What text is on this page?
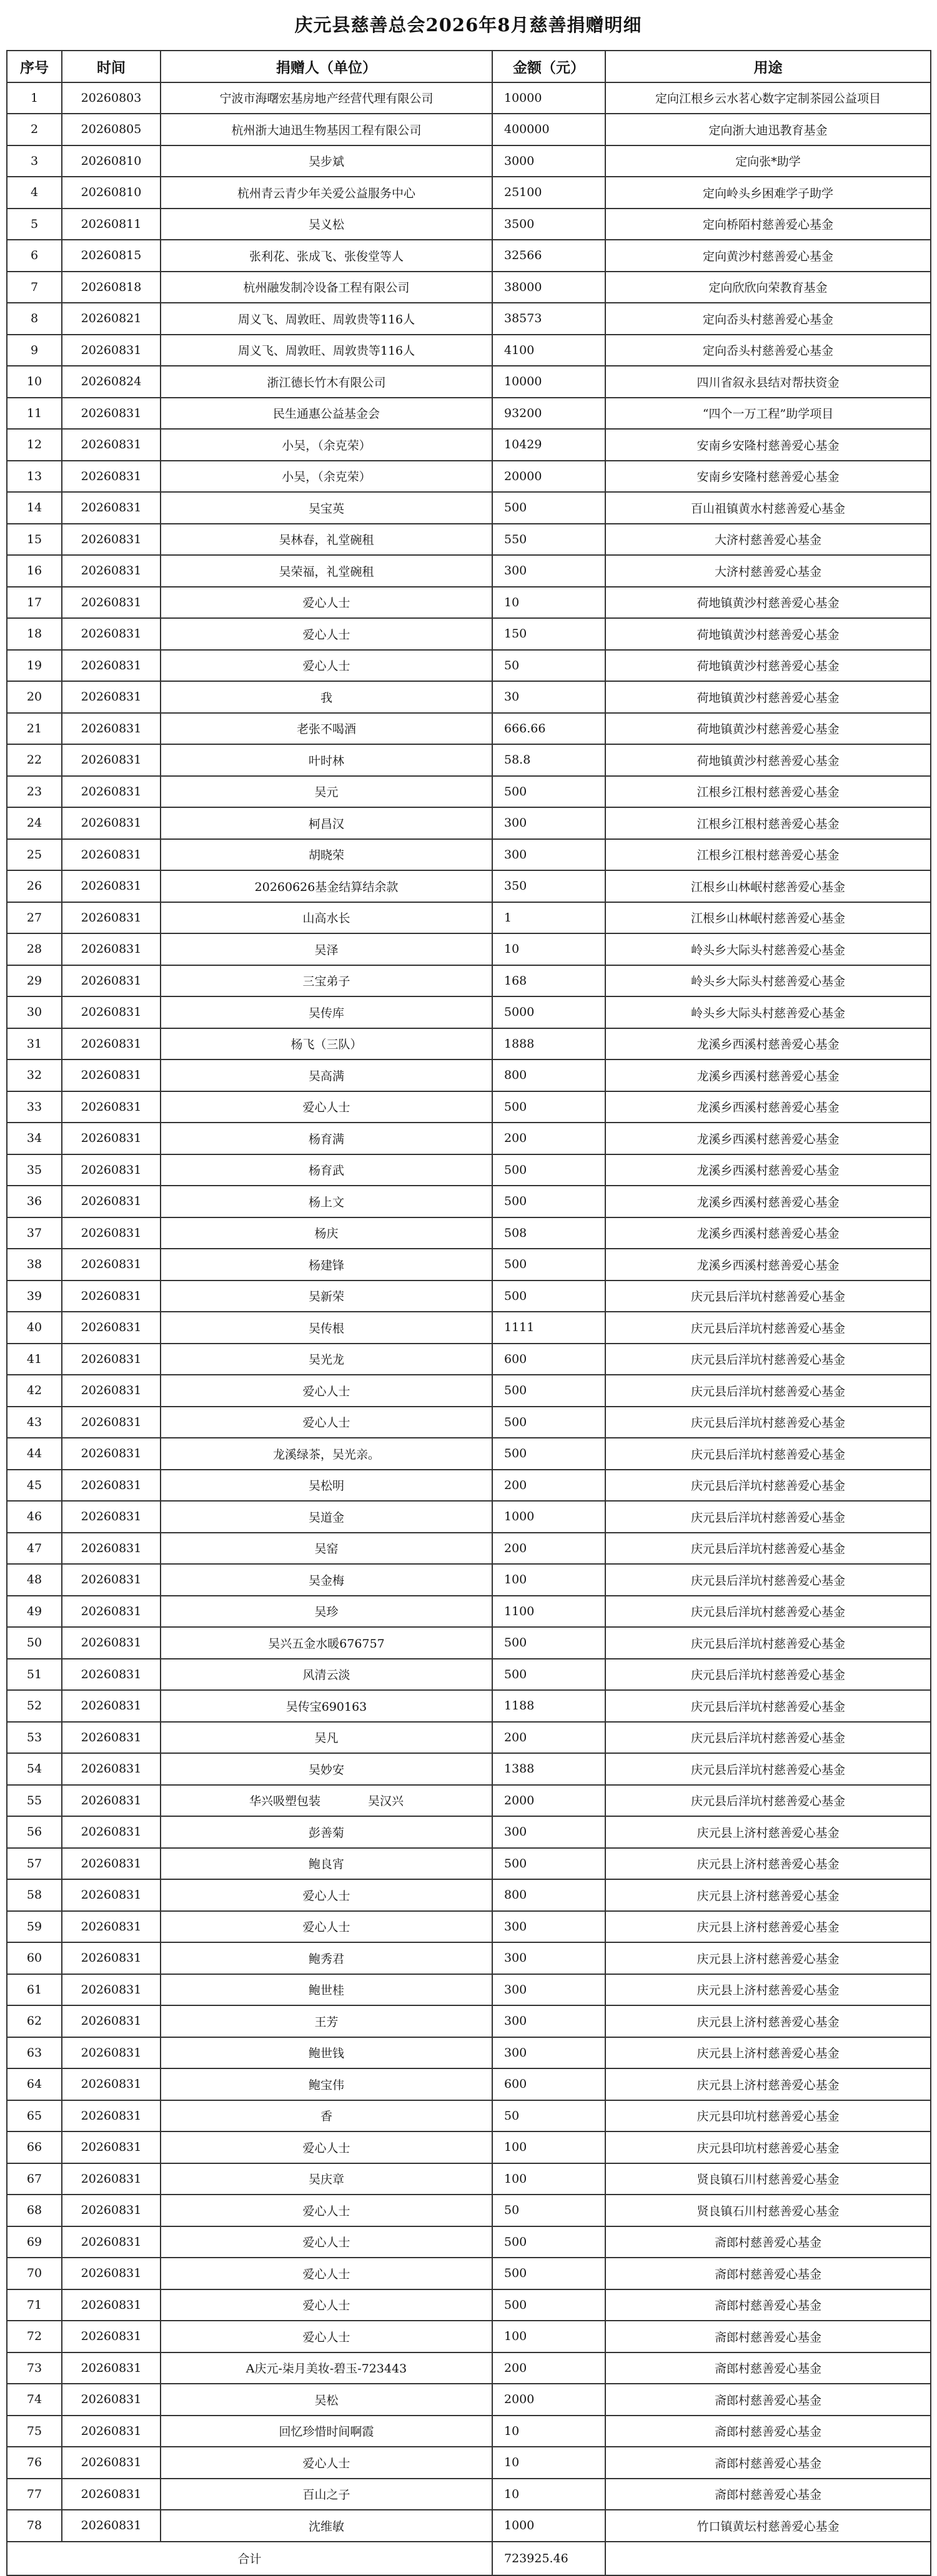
庆元县慈善总会2026年8月慈善捐赠明细
序号	时间	捐赠人（单位）	金额（元）	用途
1	20260803	宁波市海曙宏基房地产经营代理有限公司	10000	定向江根乡云水茗心数字定制茶园公益项目
2	20260805	杭州浙大迪迅生物基因工程有限公司	400000	定向浙大迪迅教育基金
3	20260810	吴步斌	3000	定向张*助学
4	20260810	杭州青云青少年关爱公益服务中心	25100	定向岭头乡困难学子助学
5	20260811	吴义松	3500	定向桥陌村慈善爱心基金
6	20260815	张利花、张成飞、张俊堂等人	32566	定向黄沙村慈善爱心基金
7	20260818	杭州融发制冷设备工程有限公司	38000	定向欣欣向荣教育基金
8	20260821	周义飞、周敦旺、周敦贵等116人	38573	定向岙头村慈善爱心基金
9	20260831	周义飞、周敦旺、周敦贵等116人	4100	定向岙头村慈善爱心基金
10	20260824	浙江德长竹木有限公司	10000	四川省叙永县结对帮扶资金
11	20260831	民生通惠公益基金会	93200	“四个一万工程”助学项目
12	20260831	小吴，（余克荣）	10429	安南乡安隆村慈善爱心基金
13	20260831	小吴，（余克荣）	20000	安南乡安隆村慈善爱心基金
14	20260831	吴宝英	500	百山祖镇黄水村慈善爱心基金
15	20260831	吴林春，礼堂碗租	550	大济村慈善爱心基金
16	20260831	吴荣福，礼堂碗租	300	大济村慈善爱心基金
17	20260831	爱心人士	10	荷地镇黄沙村慈善爱心基金
18	20260831	爱心人士	150	荷地镇黄沙村慈善爱心基金
19	20260831	爱心人士	50	荷地镇黄沙村慈善爱心基金
20	20260831	我	30	荷地镇黄沙村慈善爱心基金
21	20260831	老张不喝酒	666.66	荷地镇黄沙村慈善爱心基金
22	20260831	叶时林	58.8	荷地镇黄沙村慈善爱心基金
23	20260831	吴元	500	江根乡江根村慈善爱心基金
24	20260831	柯昌汉	300	江根乡江根村慈善爱心基金
25	20260831	胡晓荣	300	江根乡江根村慈善爱心基金
26	20260831	20260626基金结算结余款	350	江根乡山林岷村慈善爱心基金
27	20260831	山高水长	1	江根乡山林岷村慈善爱心基金
28	20260831	吴泽	10	岭头乡大际头村慈善爱心基金
29	20260831	三宝弟子	168	岭头乡大际头村慈善爱心基金
30	20260831	吴传库	5000	岭头乡大际头村慈善爱心基金
31	20260831	杨飞（三队）	1888	龙溪乡西溪村慈善爱心基金
32	20260831	吴高满	800	龙溪乡西溪村慈善爱心基金
33	20260831	爱心人士	500	龙溪乡西溪村慈善爱心基金
34	20260831	杨育满	200	龙溪乡西溪村慈善爱心基金
35	20260831	杨育武	500	龙溪乡西溪村慈善爱心基金
36	20260831	杨上文	500	龙溪乡西溪村慈善爱心基金
37	20260831	杨庆	508	龙溪乡西溪村慈善爱心基金
38	20260831	杨建锋	500	龙溪乡西溪村慈善爱心基金
39	20260831	吴新荣	500	庆元县后洋坑村慈善爱心基金
40	20260831	吴传根	1111	庆元县后洋坑村慈善爱心基金
41	20260831	吴光龙	600	庆元县后洋坑村慈善爱心基金
42	20260831	爱心人士	500	庆元县后洋坑村慈善爱心基金
43	20260831	爱心人士	500	庆元县后洋坑村慈善爱心基金
44	20260831	龙溪绿茶，吴光亲。	500	庆元县后洋坑村慈善爱心基金
45	20260831	吴松明	200	庆元县后洋坑村慈善爱心基金
46	20260831	吴道金	1000	庆元县后洋坑村慈善爱心基金
47	20260831	吴窑	200	庆元县后洋坑村慈善爱心基金
48	20260831	吴金梅	100	庆元县后洋坑村慈善爱心基金
49	20260831	吴珍	1100	庆元县后洋坑村慈善爱心基金
50	20260831	吴兴五金水暖676757	500	庆元县后洋坑村慈善爱心基金
51	20260831	风清云淡	500	庆元县后洋坑村慈善爱心基金
52	20260831	吴传宝690163	1188	庆元县后洋坑村慈善爱心基金
53	20260831	吴凡	200	庆元县后洋坑村慈善爱心基金
54	20260831	吴妙安	1388	庆元县后洋坑村慈善爱心基金
55	20260831	华兴吸塑包装　　　　吴汉兴	2000	庆元县后洋坑村慈善爱心基金
56	20260831	彭善菊	300	庆元县上济村慈善爱心基金
57	20260831	鲍良宵	500	庆元县上济村慈善爱心基金
58	20260831	爱心人士	800	庆元县上济村慈善爱心基金
59	20260831	爱心人士	300	庆元县上济村慈善爱心基金
60	20260831	鲍秀君	300	庆元县上济村慈善爱心基金
61	20260831	鲍世桂	300	庆元县上济村慈善爱心基金
62	20260831	王芳	300	庆元县上济村慈善爱心基金
63	20260831	鲍世钱	300	庆元县上济村慈善爱心基金
64	20260831	鲍宝伟	600	庆元县上济村慈善爱心基金
65	20260831	香	50	庆元县印坑村慈善爱心基金
66	20260831	爱心人士	100	庆元县印坑村慈善爱心基金
67	20260831	吴庆章	100	贤良镇石川村慈善爱心基金
68	20260831	爱心人士	50	贤良镇石川村慈善爱心基金
69	20260831	爱心人士	500	斋郎村慈善爱心基金
70	20260831	爱心人士	500	斋郎村慈善爱心基金
71	20260831	爱心人士	500	斋郎村慈善爱心基金
72	20260831	爱心人士	100	斋郎村慈善爱心基金
73	20260831	A庆元-柒月美妆-碧玉-723443	200	斋郎村慈善爱心基金
74	20260831	吴松	2000	斋郎村慈善爱心基金
75	20260831	回忆珍惜时间啊霞	10	斋郎村慈善爱心基金
76	20260831	爱心人士	10	斋郎村慈善爱心基金
77	20260831	百山之子	10	斋郎村慈善爱心基金
78	20260831	沈维敏	1000	竹口镇黄坛村慈善爱心基金
合计			723925.46	
